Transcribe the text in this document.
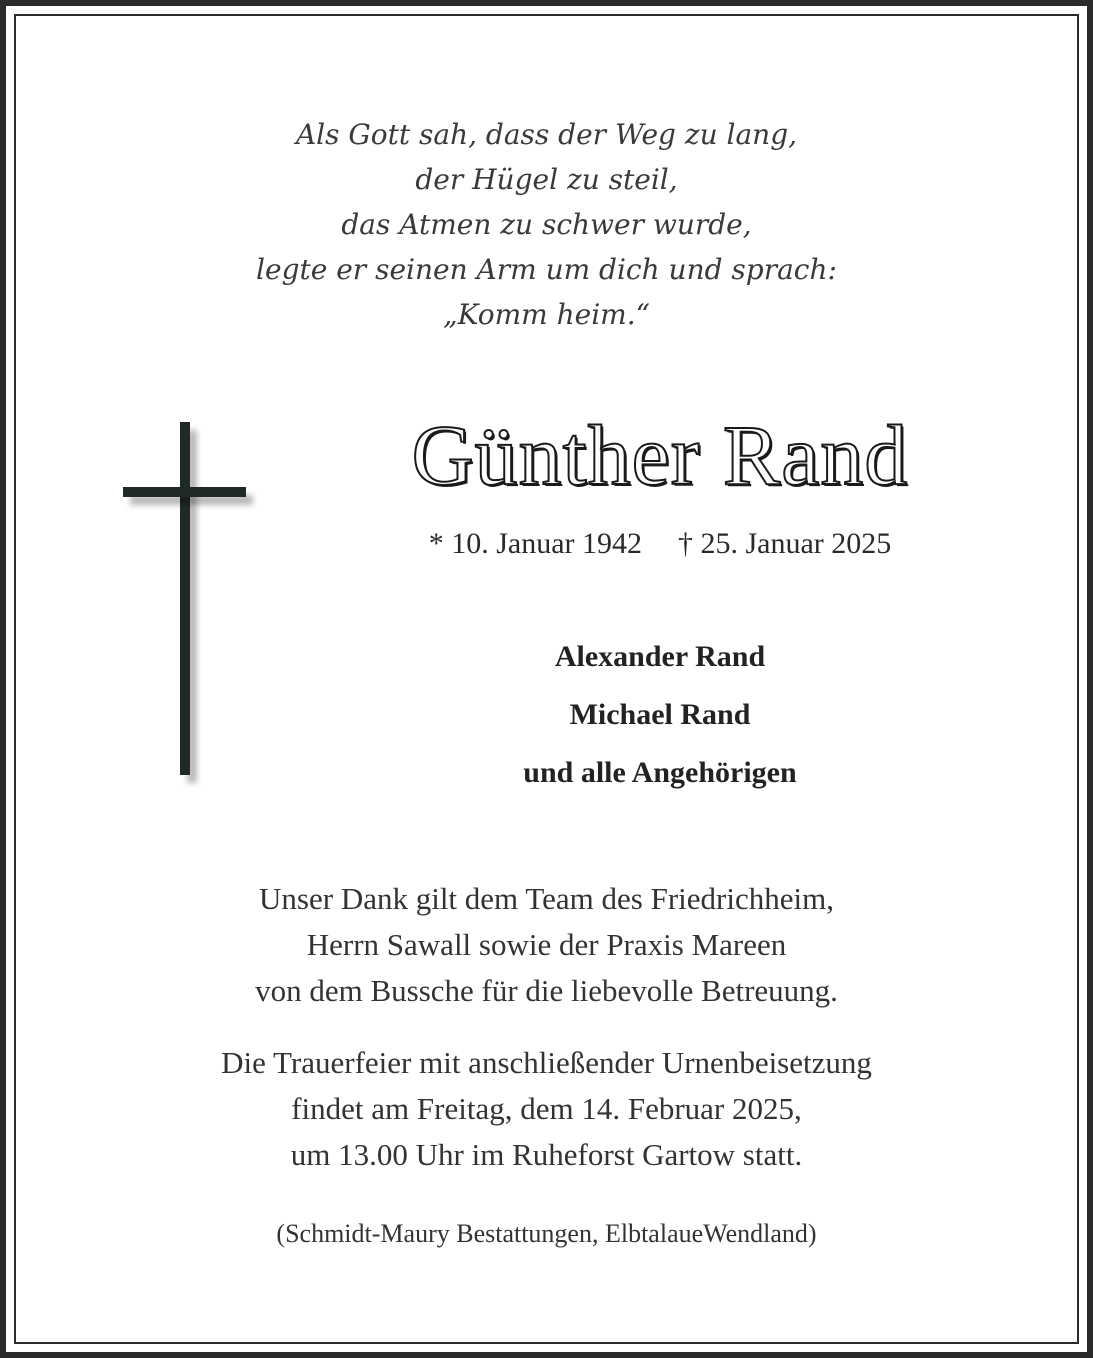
Als Gott sah, dass der Weg zu lang,
der Hügel zu steil,
das Atmen zu schwer wurde,
legte er seinen Arm um dich und sprach:
„Komm heim.“
Günther Rand
* 10. Januar 1942 † 25. Januar 2025
Alexander Rand
Michael Rand
und alle Angehörigen
Unser Dank gilt dem Team des Friedrichheim,
Herrn Sawall sowie der Praxis Mareen
von dem Bussche für die liebevolle Betreuung.
Die Trauerfeier mit anschließender Urnenbeisetzung
findet am Freitag, dem 14. Februar 2025,
um 13.00 Uhr im Ruheforst Gartow statt.
(Schmidt-Maury Bestattungen, ElbtalaueWendland)
